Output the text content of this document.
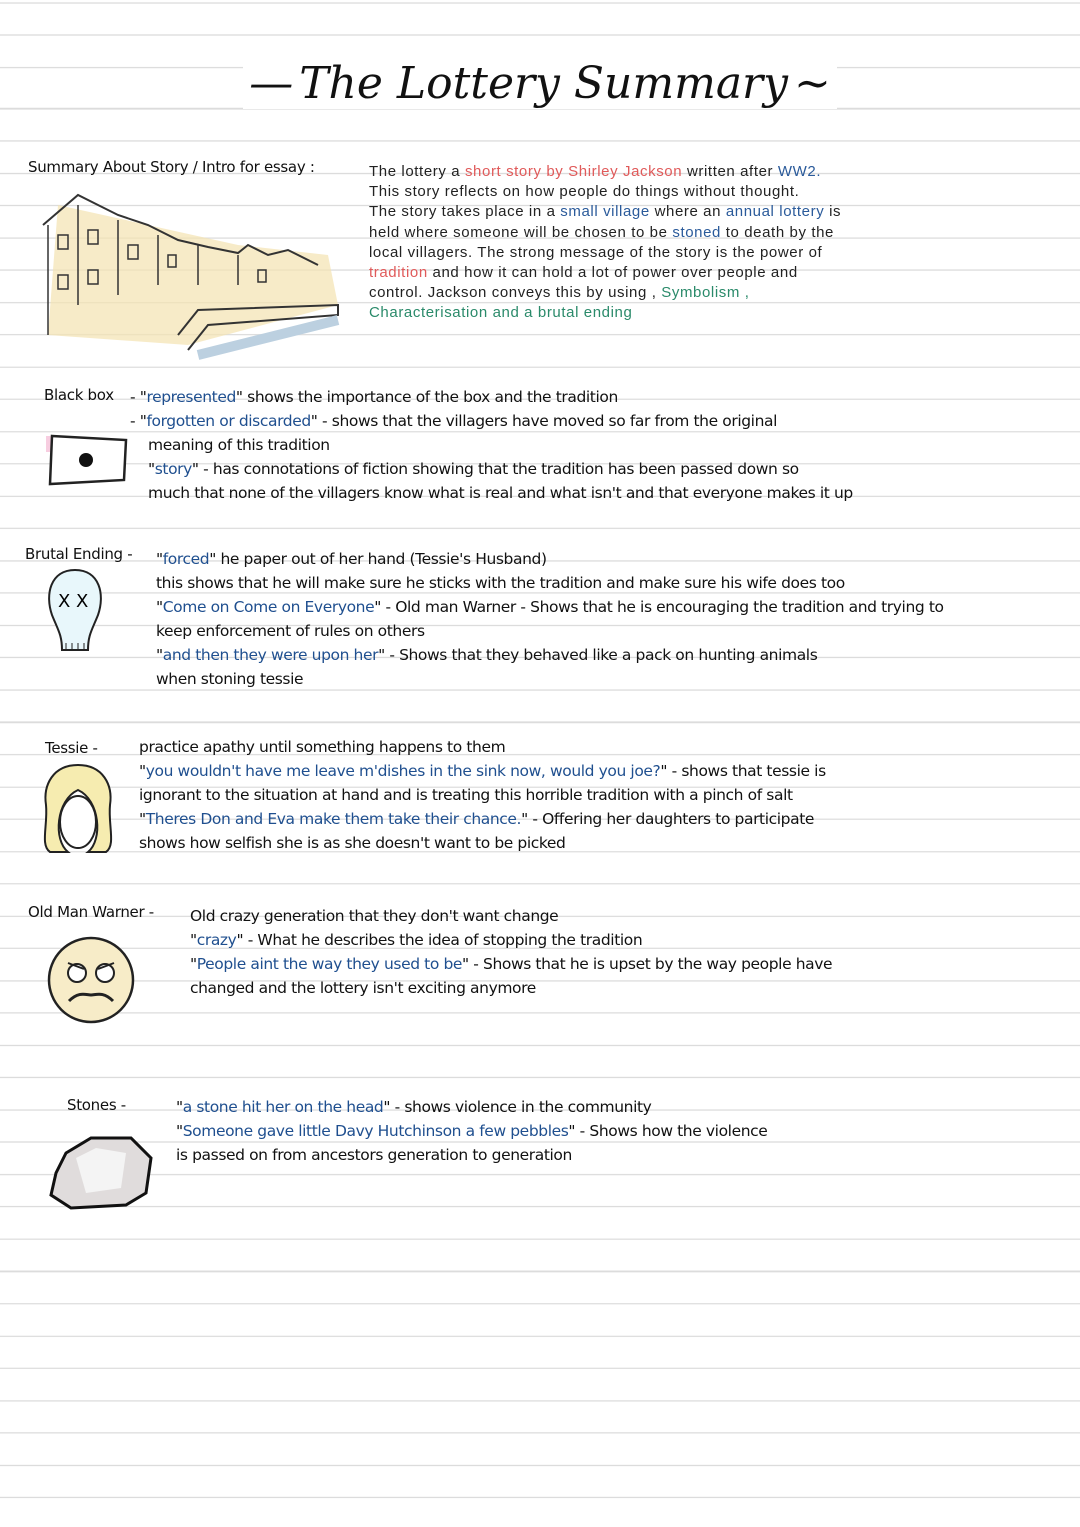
— The Lottery Summary ~
Summary About Story / Intro for essay :	The lottery a short story by Shirley Jackson written after WW2.
This story reflects on how people do things without thought.
The story takes place in a small village where an annual lottery is
held where someone will be chosen to be stoned to death by the
local villagers. The strong message of the story is the power of
tradition and how it can hold a lot of power over people and
control. Jackson conveys this by using , Symbolism ,
Characterisation and a brutal ending
Black box - "represented" shows the importance of the box and the tradition
- "forgotten or discarded" - shows that the villagers have moved so far from the original
meaning of this tradition
"story" - has connotations of fiction showing that the tradition has been passed down so
much that none of the villagers know what is real and what isn't and that everyone makes it up
Brutal Ending -
X X
"forced" he paper out of her hand (Tessie's Husband)
this shows that he will make sure he sticks with the tradition and make sure his wife does too
"Come on Come on Everyone" - Old man Warner - Shows that he is encouraging the tradition and trying to
keep enforcement of rules on others
"and then they were upon her" - Shows that they behaved like a pack on hunting animals
when stoning tessie
Tessie -	practice apathy until something happens to them
"you wouldn't have me leave m'dishes in the sink now, would you joe?" - shows that tessie is
ignorant to the situation at hand and is treating this horrible tradition with a pinch of salt
"Theres Don and Eva make them take their chance." - Offering her daughters to participate
shows how selfish she is as she doesn't want to be picked
Old Man Warner - Old crazy generation that they don't want change
"crazy" - What he describes the idea of stopping the tradition
"People aint the way they used to be" - Shows that he is upset by the way people have
changed and the lottery isn't exciting anymore
Stones -	"a stone hit her on the head" - shows violence in the community
"Someone gave little Davy Hutchinson a few pebbles" - Shows how the violence
is passed on from ancestors generation to generation
